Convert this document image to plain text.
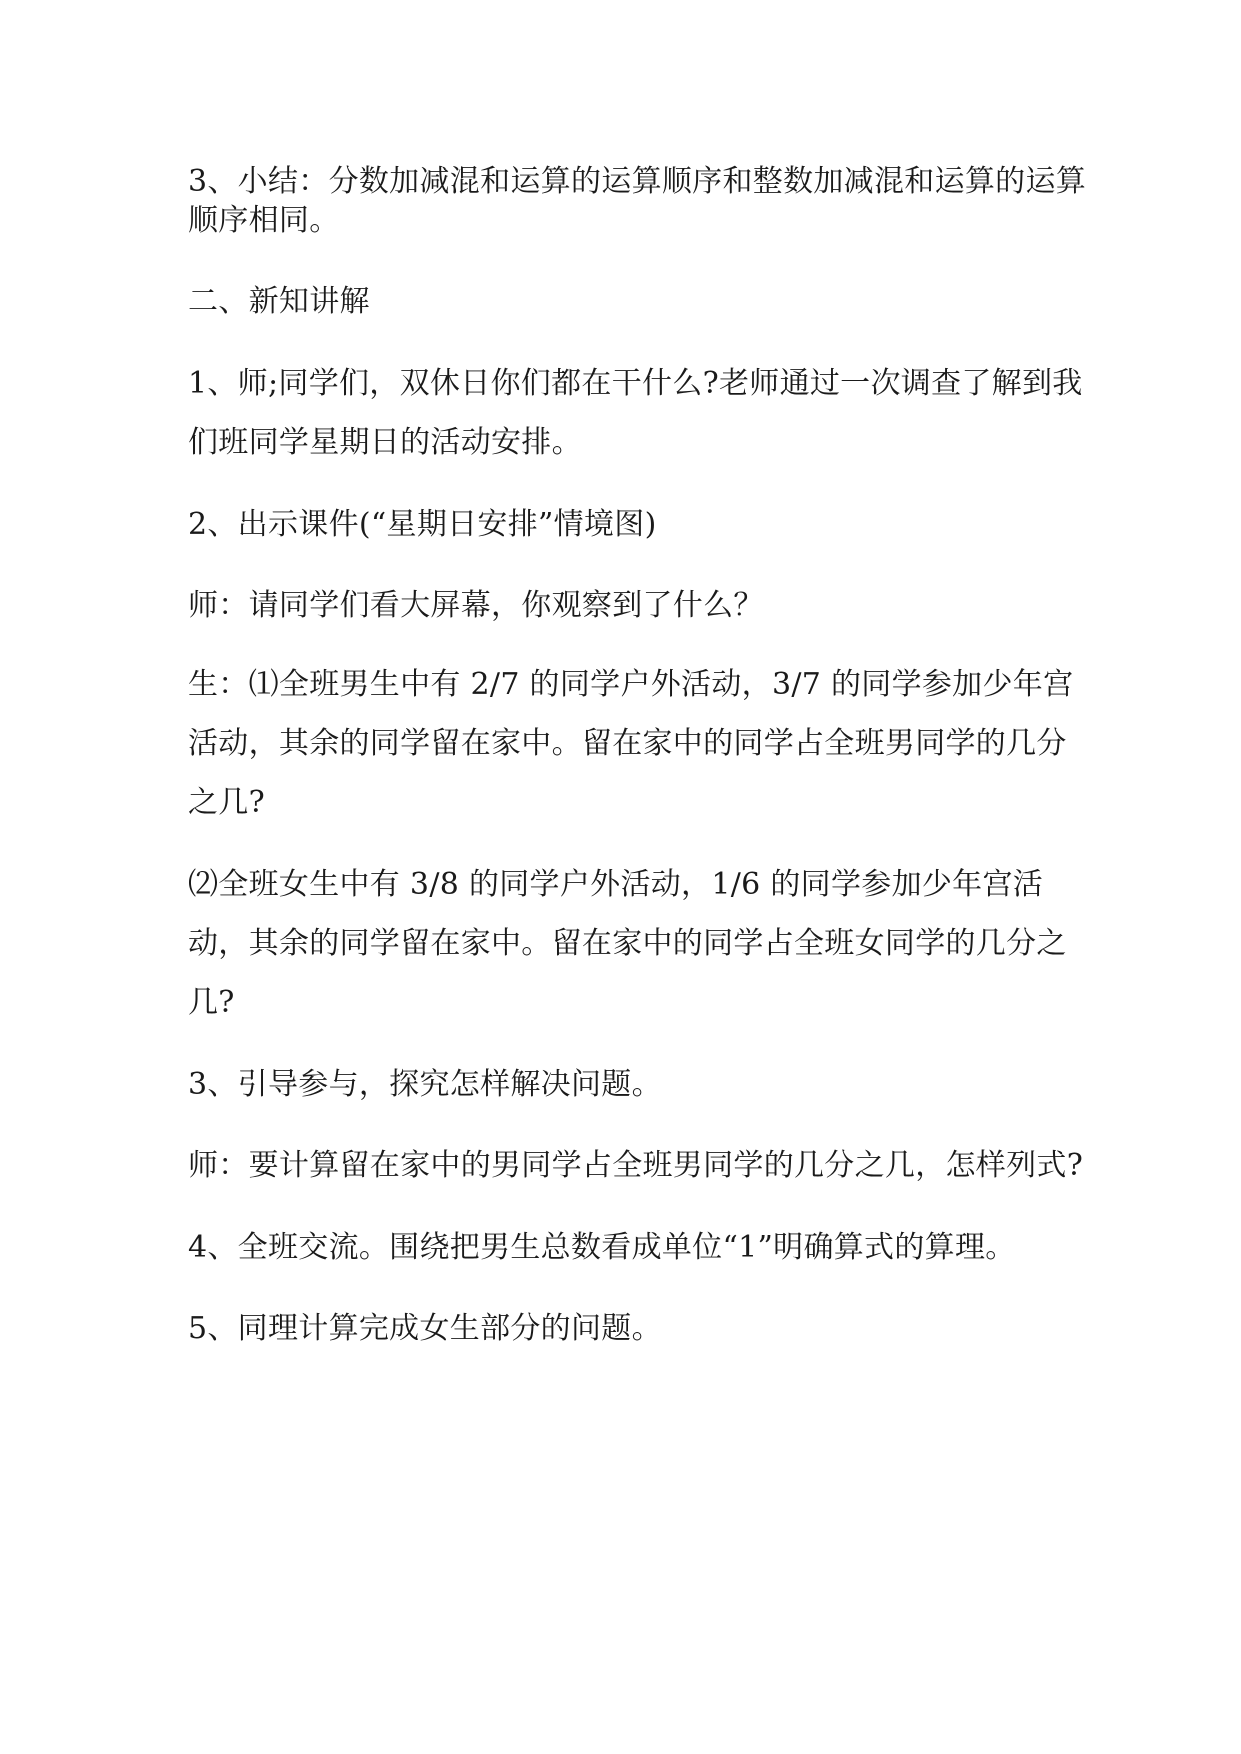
3、小结：分数加减混和运算的运算顺序和整数加减混和运算的运算
顺序相同。
二、新知讲解
1、师;同学们，双休日你们都在干什么?老师通过一次调查了解到我
们班同学星期日的活动安排。
2、出示课件(“星期日安排”情境图)
师：请同学们看大屏幕，你观察到了什么？
生：⑴全班男生中有 2/7 的同学户外活动，3/7 的同学参加少年宫
活动，其余的同学留在家中。留在家中的同学占全班男同学的几分
之几?
⑵全班女生中有 3/8 的同学户外活动，1/6 的同学参加少年宫活
动，其余的同学留在家中。留在家中的同学占全班女同学的几分之
几?
3、引导参与，探究怎样解决问题。
师：要计算留在家中的男同学占全班男同学的几分之几，怎样列式?
4、全班交流。围绕把男生总数看成单位“1”明确算式的算理。
5、同理计算完成女生部分的问题。
